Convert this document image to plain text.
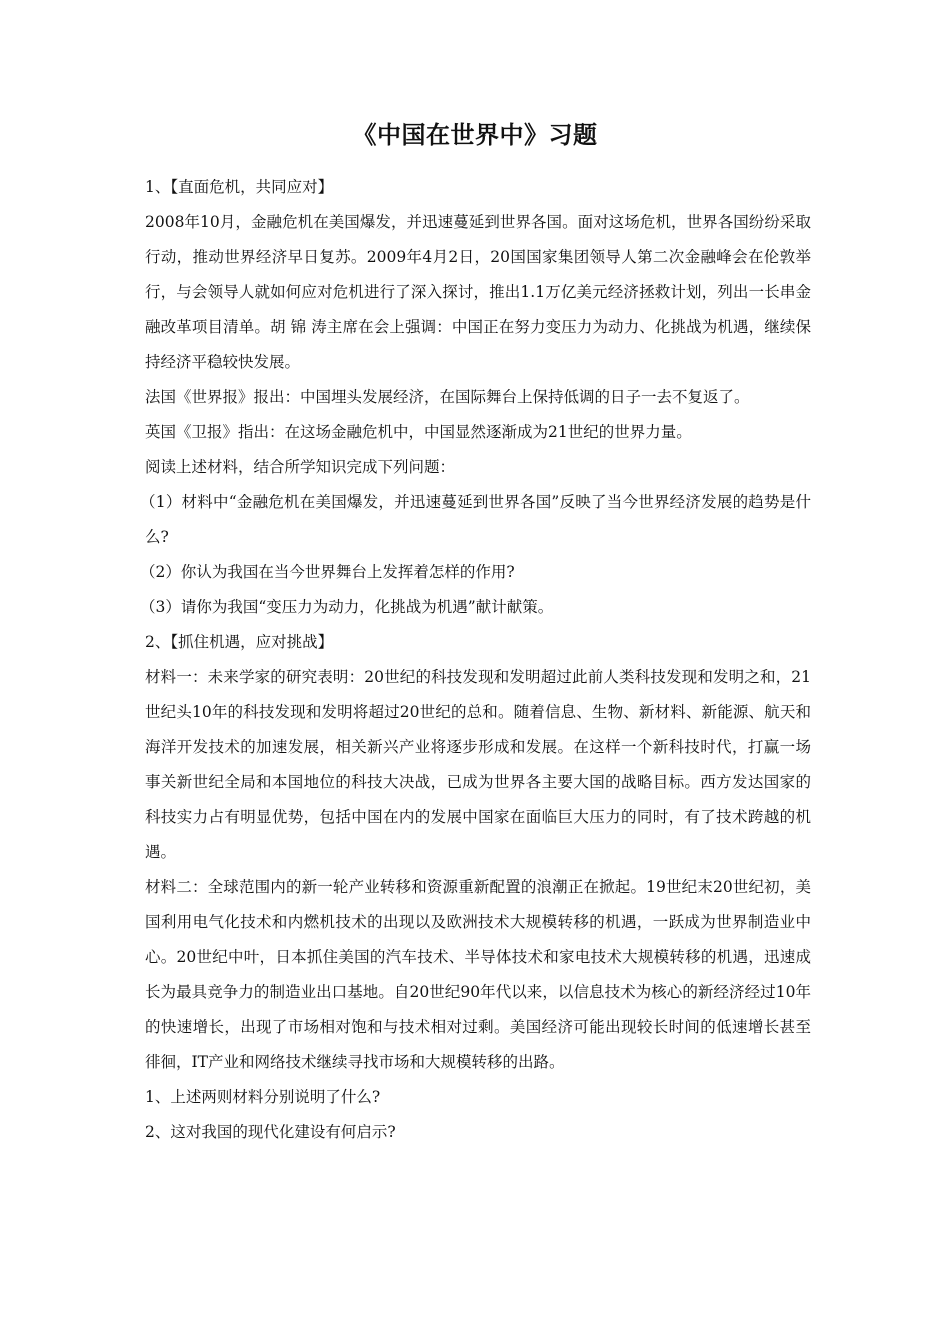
《中国在世界中》习题

1、【直面危机，共同应对】

2008年10月，金融危机在美国爆发，并迅速蔓延到世界各国。面对这场危机，世界各国纷纷采取行动，推动世界经济早日复苏。2009年4月2日，20国国家集团领导人第二次金融峰会在伦敦举行，与会领导人就如何应对危机进行了深入探讨，推出1.1万亿美元经济拯救计划，列出一长串金融改革项目清单。胡 锦 涛主席在会上强调：中国正在努力变压力为动力、化挑战为机遇，继续保持经济平稳较快发展。

法国《世界报》报出：中国埋头发展经济，在国际舞台上保持低调的日子一去不复返了。

英国《卫报》指出：在这场金融危机中，中国显然逐渐成为21世纪的世界力量。

阅读上述材料，结合所学知识完成下列问题：

（1）材料中“金融危机在美国爆发，并迅速蔓延到世界各国”反映了当今世界经济发展的趋势是什么?

（2）你认为我国在当今世界舞台上发挥着怎样的作用?

（3）请你为我国“变压力为动力，化挑战为机遇”献计献策。

2、【抓住机遇，应对挑战】

材料一：未来学家的研究表明：20世纪的科技发现和发明超过此前人类科技发现和发明之和，21世纪头10年的科技发现和发明将超过20世纪的总和。随着信息、生物、新材料、新能源、航天和海洋开发技术的加速发展，相关新兴产业将逐步形成和发展。在这样一个新科技时代，打赢一场事关新世纪全局和本国地位的科技大决战，已成为世界各主要大国的战略目标。西方发达国家的科技实力占有明显优势，包括中国在内的发展中国家在面临巨大压力的同时，有了技术跨越的机遇。

材料二：全球范围内的新一轮产业转移和资源重新配置的浪潮正在掀起。19世纪末20世纪初，美国利用电气化技术和内燃机技术的出现以及欧洲技术大规模转移的机遇，一跃成为世界制造业中心。20世纪中叶，日本抓住美国的汽车技术、半导体技术和家电技术大规模转移的机遇，迅速成长为最具竞争力的制造业出口基地。自20世纪90年代以来，以信息技术为核心的新经济经过10年的快速增长，出现了市场相对饱和与技术相对过剩。美国经济可能出现较长时间的低速增长甚至徘徊，IT产业和网络技术继续寻找市场和大规模转移的出路。

1、上述两则材料分别说明了什么?

2、这对我国的现代化建设有何启示?
